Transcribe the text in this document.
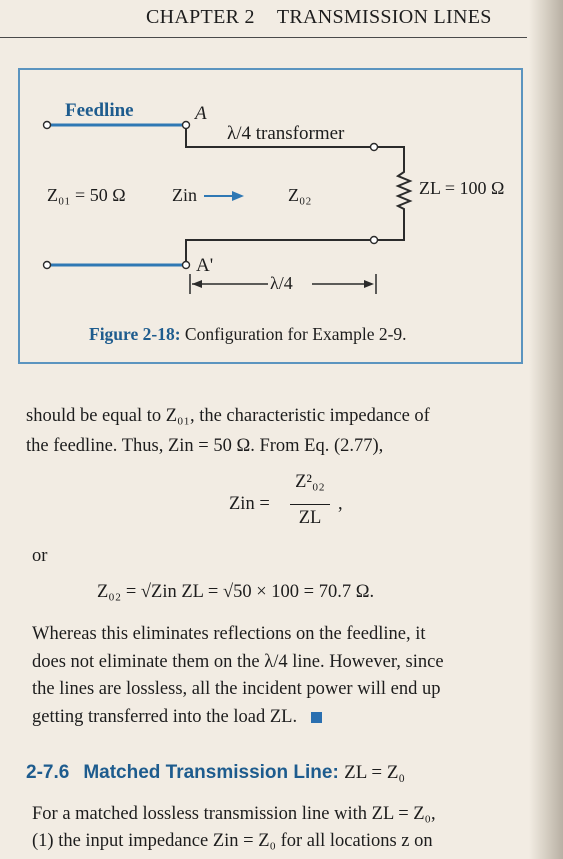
CHAPTER 2 TRANSMISSION LINES
Feedline	A
λ/4 transformer
Z₀₁ = 50 Ω	Zin	Z₀₂	ZL = 100 Ω
A'
λ/4
Figure 2-18: Configuration for Example 2-9.
should be equal to Z₀₁, the characteristic impedance of
the feedline. Thus, Zin = 50 Ω. From Eq. (2.77),
Zin =
Z²₀₂
ZL
,
or
Z₀₂ = √Zin ZL = √50 × 100 = 70.7 Ω.
Whereas this eliminates reflections on the feedline, it
does not eliminate them on the λ/4 line. However, since
the lines are lossless, all the incident power will end up
getting transferred into the load ZL.
2-7.6 Matched Transmission Line: ZL = Z₀
For a matched lossless transmission line with ZL = Z₀,
(1) the input impedance Zin = Z₀ for all locations z on
